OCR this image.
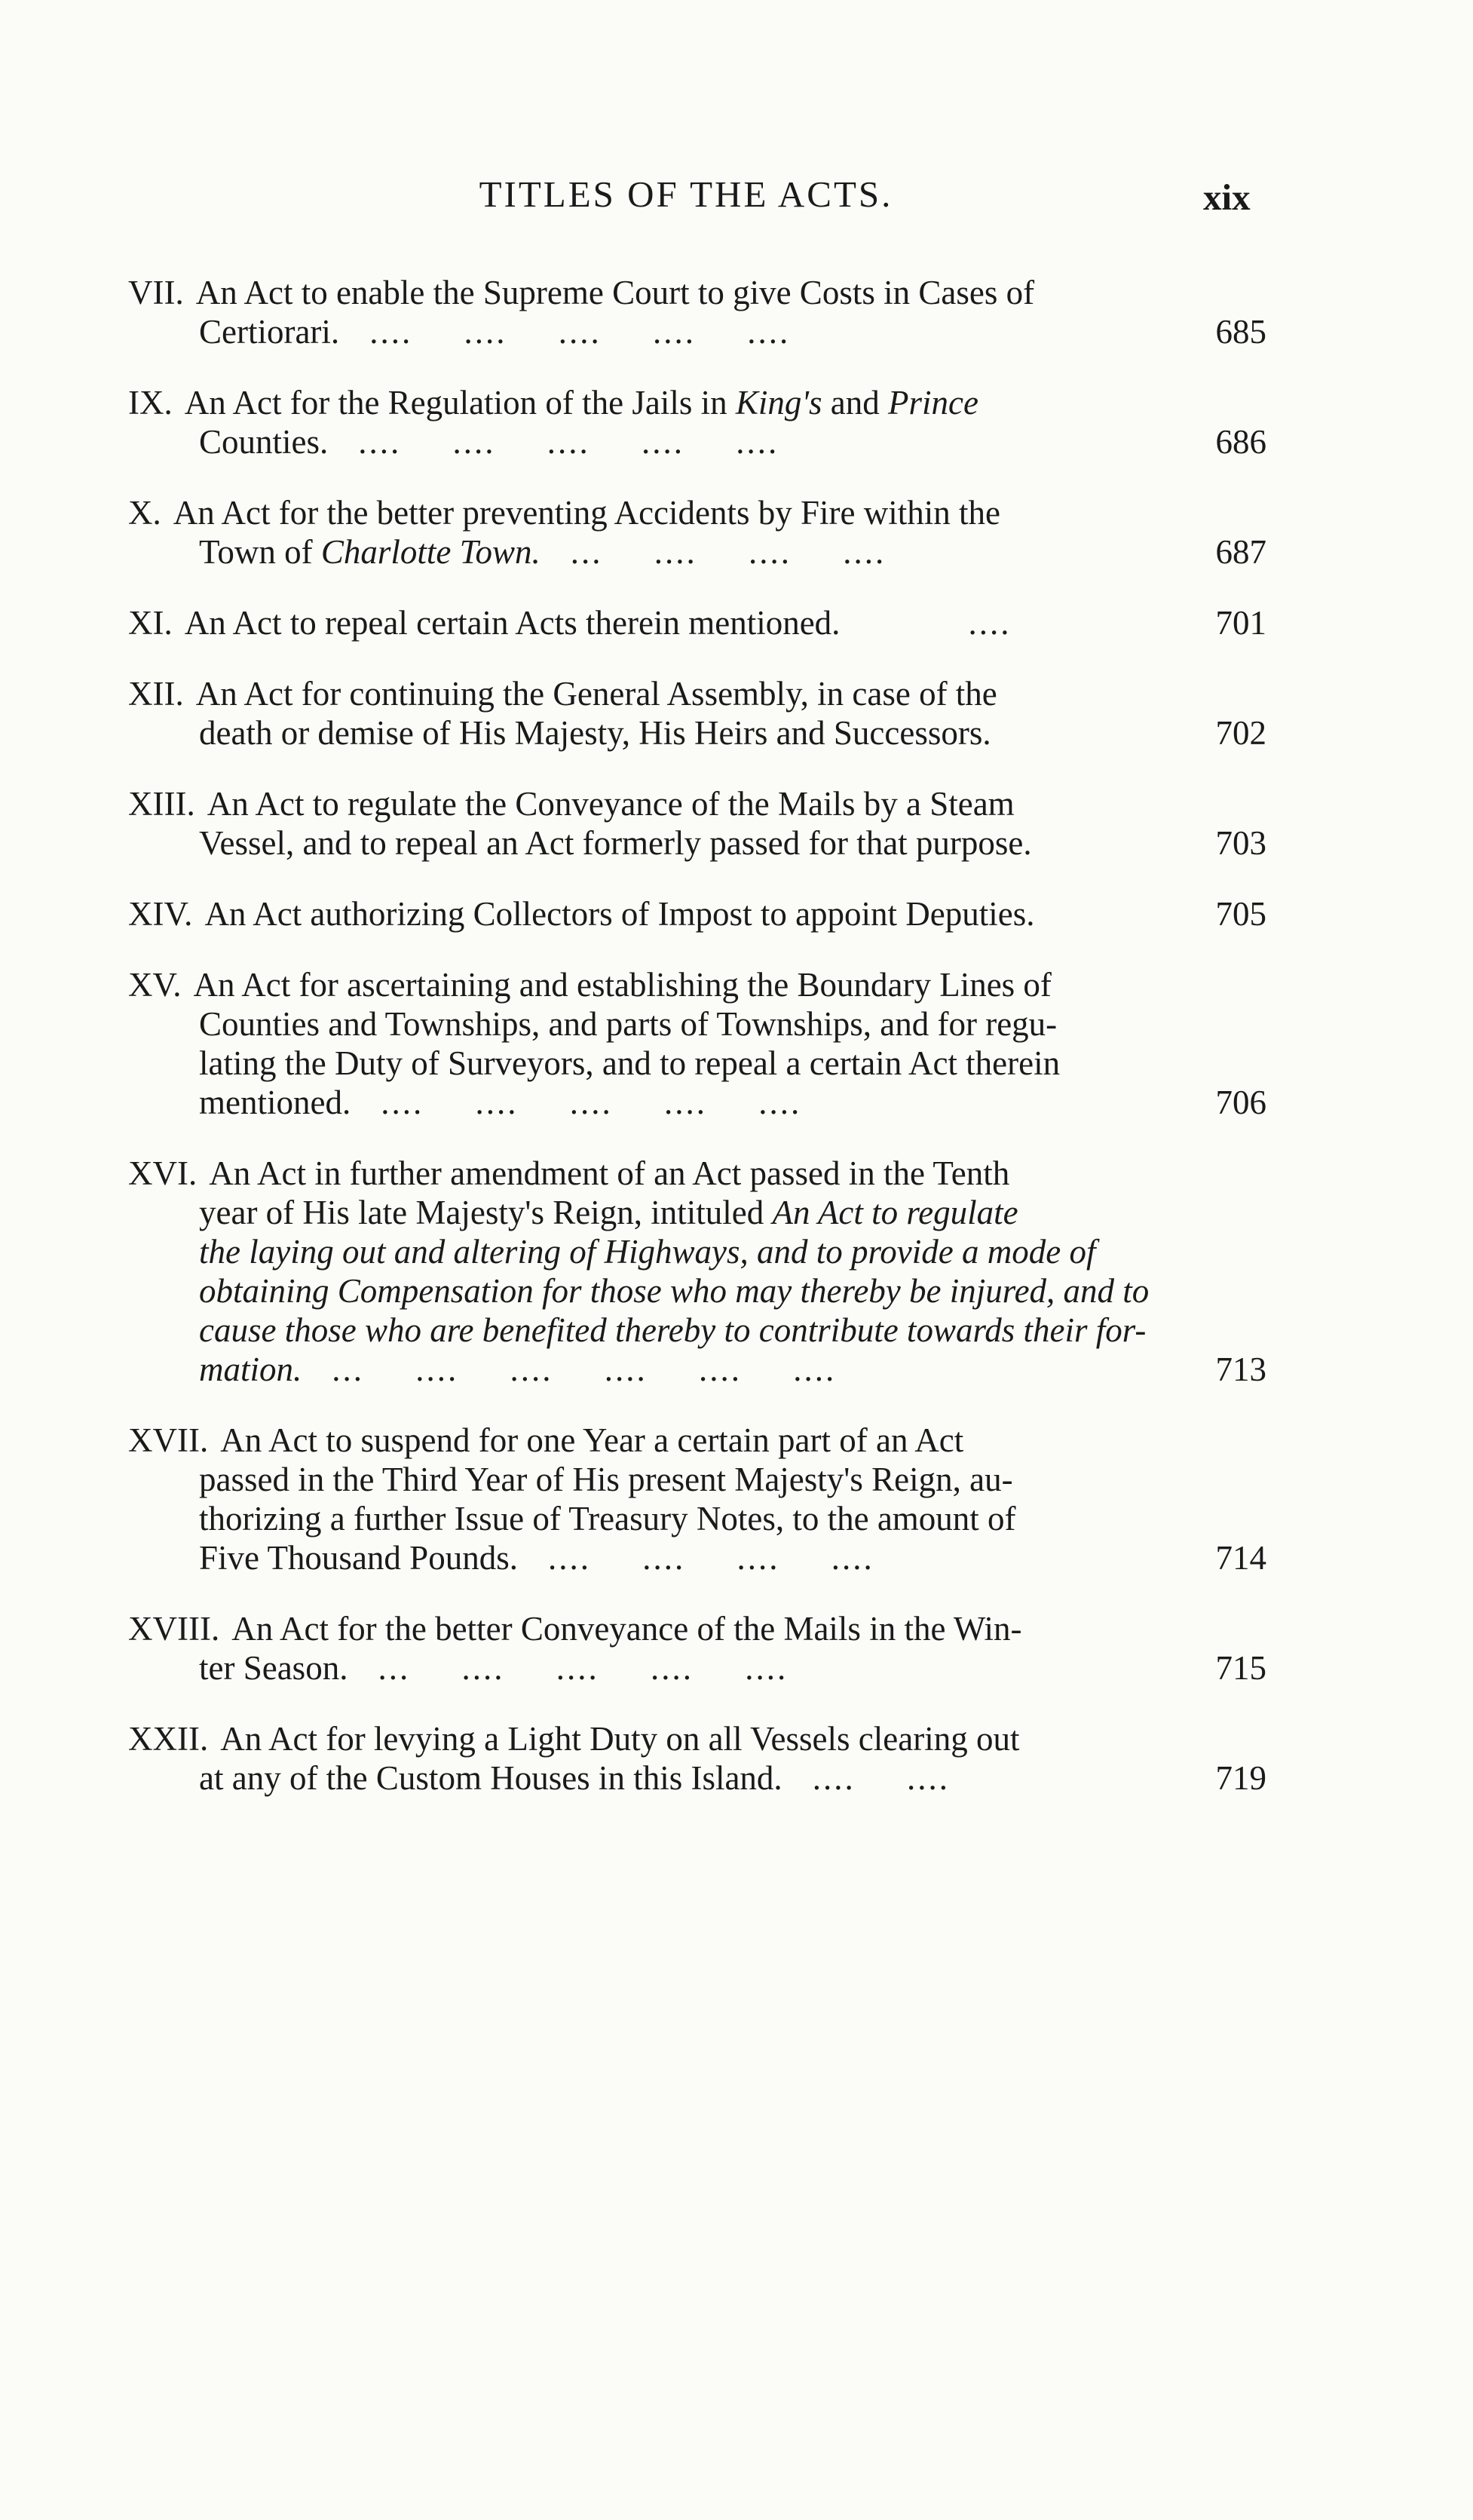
TITLES OF THE ACTS.	xix
VII. An Act to enable the Supreme Court to give Costs in Cases of
Certiorari. .... .... .... .... ....	685
IX. An Act for the Regulation of the Jails in King's and Prince
Counties. .... .... .... .... ....	686
X. An Act for the better preventing Accidents by Fire within the
Town of Charlotte Town. ... .... .... ....	687
XI. An Act to repeal certain Acts therein mentioned.	....	701
XII. An Act for continuing the General Assembly, in case of the
death or demise of His Majesty, His Heirs and Successors.	702
XIII. An Act to regulate the Conveyance of the Mails by a Steam
Vessel, and to repeal an Act formerly passed for that purpose.	703
XIV. An Act authorizing Collectors of Impost to appoint Deputies.	705
XV. An Act for ascertaining and establishing the Boundary Lines of
Counties and Townships, and parts of Townships, and for regu-
lating the Duty of Surveyors, and to repeal a certain Act therein
mentioned. .... .... .... .... ....	706
XVI. An Act in further amendment of an Act passed in the Tenth
year of His late Majesty's Reign, intituled An Act to regulate
the laying out and altering of Highways, and to provide a mode of
obtaining Compensation for those who may thereby be injured, and to
cause those who are benefited thereby to contribute towards their for-
mation. ... .... .... .... .... ....	713
XVII. An Act to suspend for one Year a certain part of an Act
passed in the Third Year of His present Majesty's Reign, au-
thorizing a further Issue of Treasury Notes, to the amount of
Five Thousand Pounds. .... .... .... ....	714
XVIII. An Act for the better Conveyance of the Mails in the Win-
ter Season. ... .... .... .... ....	715
XXII. An Act for levying a Light Duty on all Vessels clearing out
at any of the Custom Houses in this Island. .... ....	719
